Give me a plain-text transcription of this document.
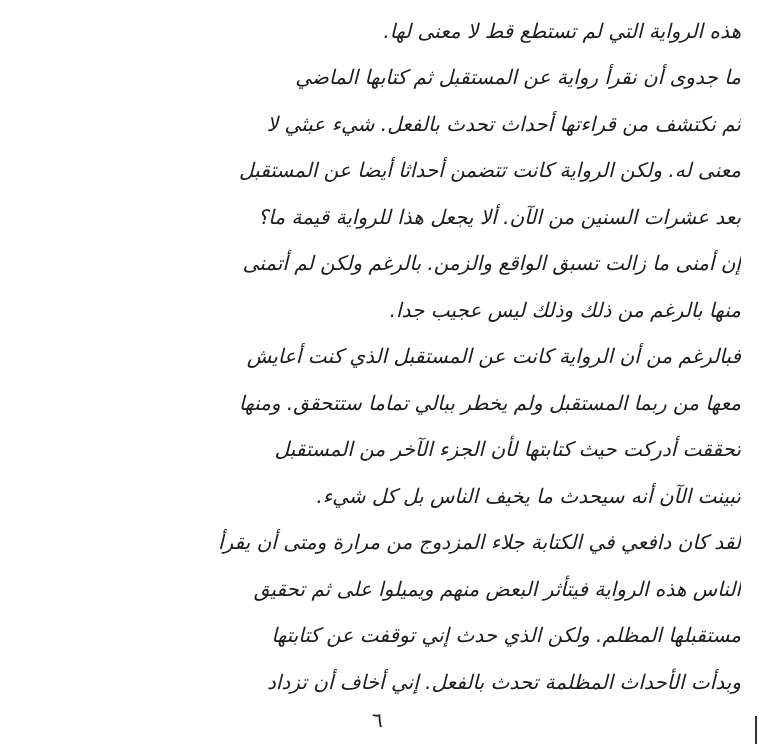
هذه الرواية التي لم تستطع قط لا معنى لها.
ما جدوى أن نقرأ رواية عن المستقبل ثم كتابها الماضي
ثم نكتشف من قراءتها أحداث تحدث بالفعل. شيء عبثي لا
معنى له. ولكن الرواية كانت تتضمن أحداثا أيضا عن المستقبل
بعد عشرات السنين من الآن. ألا يجعل هذا للرواية قيمة ما؟
إن أمنى ما زالت تسبق الواقع والزمن. بالرغم ولكن لم أتمنى
منها بالرغم من ذلك وذلك ليس عجيب جدا.
فبالرغم من أن الرواية كانت عن المستقبل الذي كنت أعايش
معها من ربما المستقبل ولم يخطر ببالي تماما ستتحقق. ومنها
تحققت أدركت حيث كتابتها لأن الجزء الآخر من المستقبل
تبينت الآن أنه سيحدث ما يخيف الناس بل كل شيء.
لقد كان دافعي في الكتابة جلاء المزدوج من مرارة ومتى أن يقرأ
الناس هذه الرواية فيتأثر البعض منهم ويميلوا على ثم تحقيق
مستقبلها المظلم. ولكن الذي حدث إني توقفت عن كتابتها
وبدأت الأحداث المظلمة تحدث بالفعل. إني أخاف أن تزداد
٦
